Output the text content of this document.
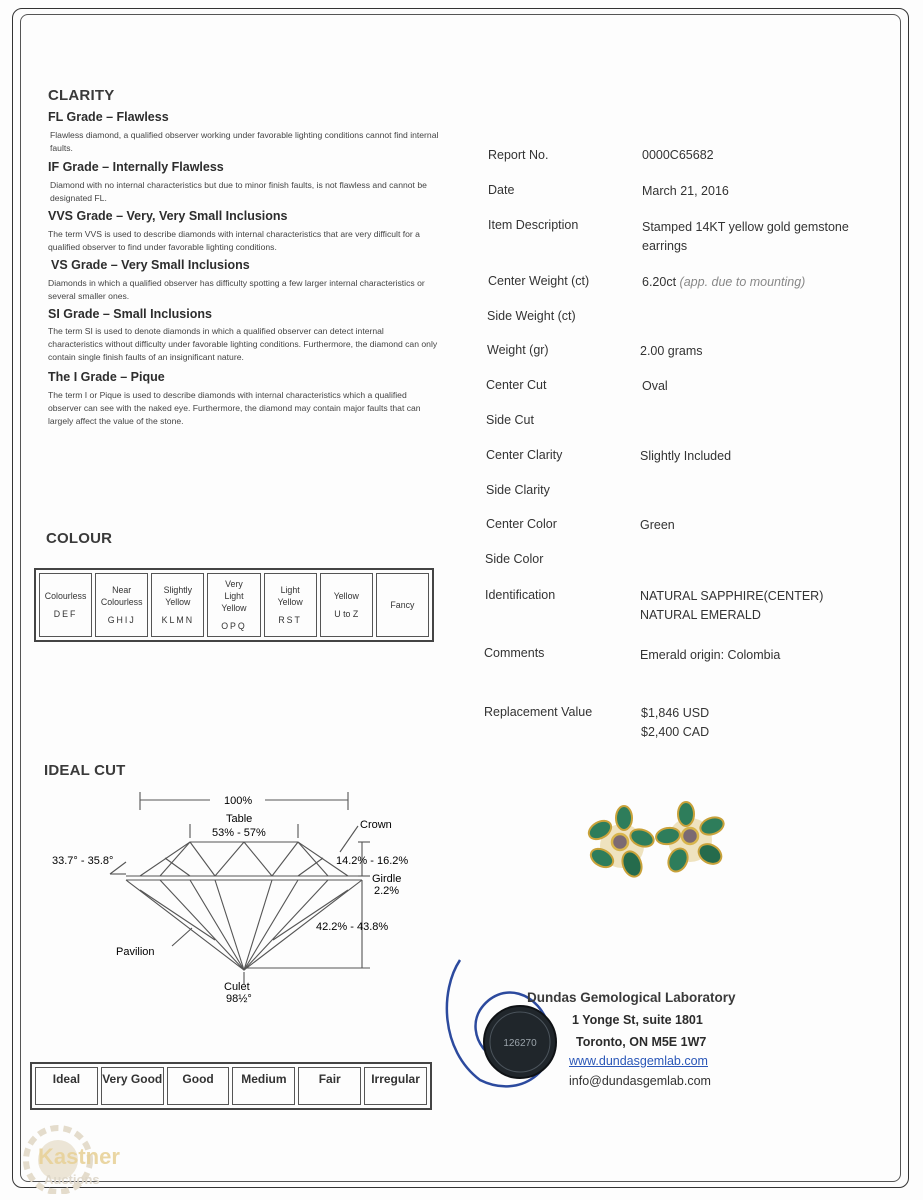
CLARITY
FL Grade – Flawless
Flawless diamond, a qualified observer working under favorable lighting conditions cannot find internal faults.
IF Grade – Internally Flawless
Diamond with no internal characteristics but due to minor finish faults, is not flawless and cannot be designated FL.
VVS Grade – Very, Very Small Inclusions
The term VVS is used to describe diamonds with internal characteristics that are very difficult for a qualified observer to find under favorable lighting conditions.
VS Grade – Very Small Inclusions
Diamonds in which a qualified observer has difficulty spotting a few larger internal characteristics or several smaller ones.
SI Grade – Small Inclusions
The term SI is used to denote diamonds in which a qualified observer can detect internal characteristics without difficulty under favorable lighting conditions. Furthermore, the diamond can only contain single finish faults of an insignificant nature.
The I Grade – Pique
The term I or Pique is used to describe diamonds with internal characteristics which a qualified observer can see with the naked eye. Furthermore, the diamond may contain major faults that can largely affect the value of the stone.
COLOUR
Colourless
DEF
Near Colourless
GHIJ
Slightly Yellow
KLMN
Very Light Yellow
OPQ
Light Yellow
RST
Yellow
U to Z
Fancy
IDEAL CUT
100%
Table
53% - 57%
Crown
33.7° - 35.8°	14.2% - 16.2%
Girdle
2.2%
42.2% - 43.8%
Pavilion
Culet
98½°
Ideal	Very Good	Good	Medium	Fair	Irregular
Report No.	0000C65682
Date	March 21, 2016
Item Description	Stamped 14KT yellow gold gemstone earrings
Center Weight (ct)	6.20ct (app. due to mounting)
Side Weight (ct)
Weight (gr)	2.00 grams
Center Cut	Oval
Side Cut
Center Clarity	Slightly Included
Side Clarity
Center Color	Green
Side Color
Identification	NATURAL SAPPHIRE(CENTER)
NATURAL EMERALD
Comments	Emerald origin: Colombia
Replacement Value	$1,846 USD
$2,400 CAD
126270
Dundas Gemological Laboratory
1 Yonge St, suite 1801
Toronto, ON M5E 1W7
www.dundasgemlab.com
info@dundasgemlab.com
Kastner
Auctions
